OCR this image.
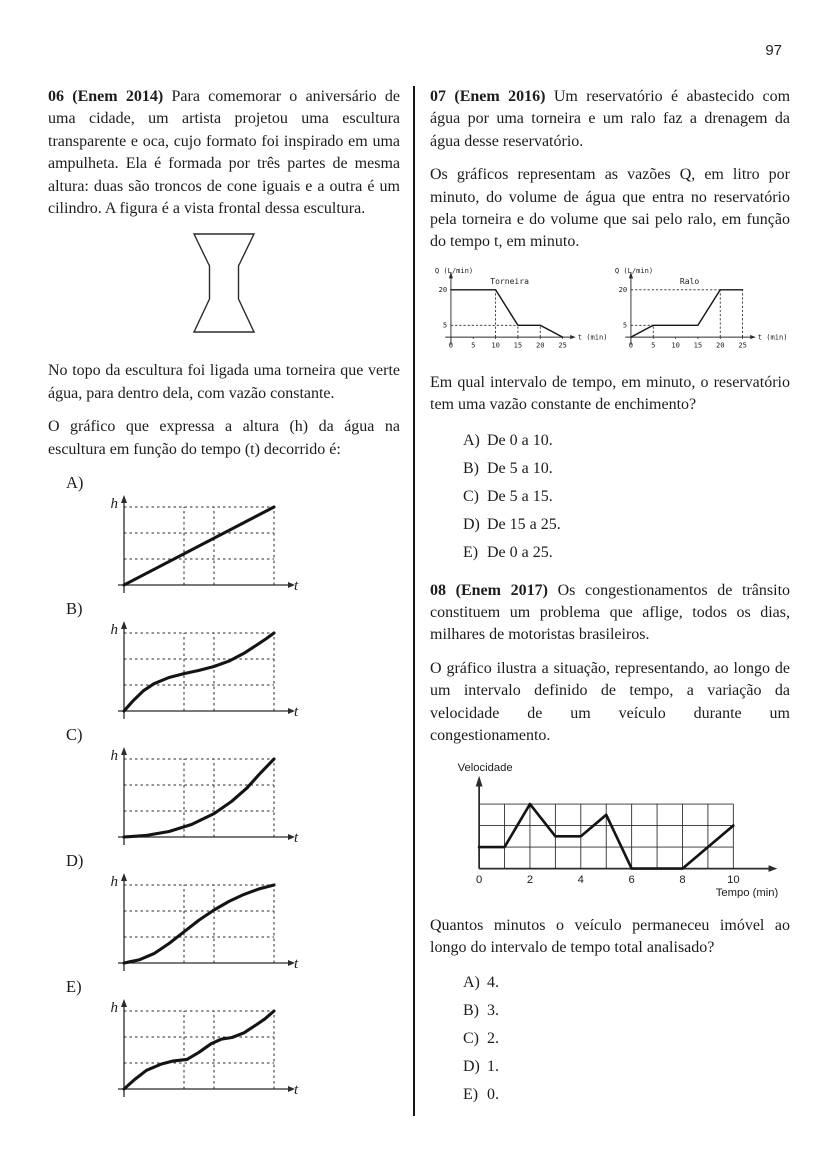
97

06 (Enem 2014) Para comemorar o aniversário de uma cidade, um artista projetou uma escultura transparente e oca, cujo formato foi inspirado em uma ampulheta. Ela é formada por três partes de mesma altura: duas são troncos de cone iguais e a outra é um cilindro. A figura é a vista frontal dessa escultura.

No topo da escultura foi ligada uma torneira que verte água, para dentro dela, com vazão constante.

O gráfico que expressa a altura (h) da água na escultura em função do tempo (t) decorrido é:

A)
h
t
B)
h
t
C)
h
t
D)
h
t
E)
h
t

07 (Enem 2016) Um reservatório é abastecido com água por uma torneira e um ralo faz a drenagem da água desse reservatório.

Os gráficos representam as vazões Q, em litro por minuto, do volume de água que entra no reservatório pela torneira e do volume que sai pelo ralo, em função do tempo t, em minuto.

Q (L/min)
t (min)
Torneira
20
5
0 5 10 15 20 25
Q (L/min)
t (min)
Ralo
20
5
0 5 10 15 20 25

Em qual intervalo de tempo, em minuto, o reservatório tem uma vazão constante de enchimento?

A) De 0 a 10.
B) De 5 a 10.
C) De 5 a 15.
D) De 15 a 25.
E) De 0 a 25.

08 (Enem 2017) Os congestionamentos de trânsito constituem um problema que aflige, todos os dias, milhares de motoristas brasileiros.

O gráfico ilustra a situação, representando, ao longo de um intervalo definido de tempo, a variação da velocidade de um veículo durante um congestionamento.

Velocidade
0	2	4	6	8	10
Tempo (min)

Quantos minutos o veículo permaneceu imóvel ao longo do intervalo de tempo total analisado?

A) 4.
B) 3.
C) 2.
D) 1.
E) 0.
